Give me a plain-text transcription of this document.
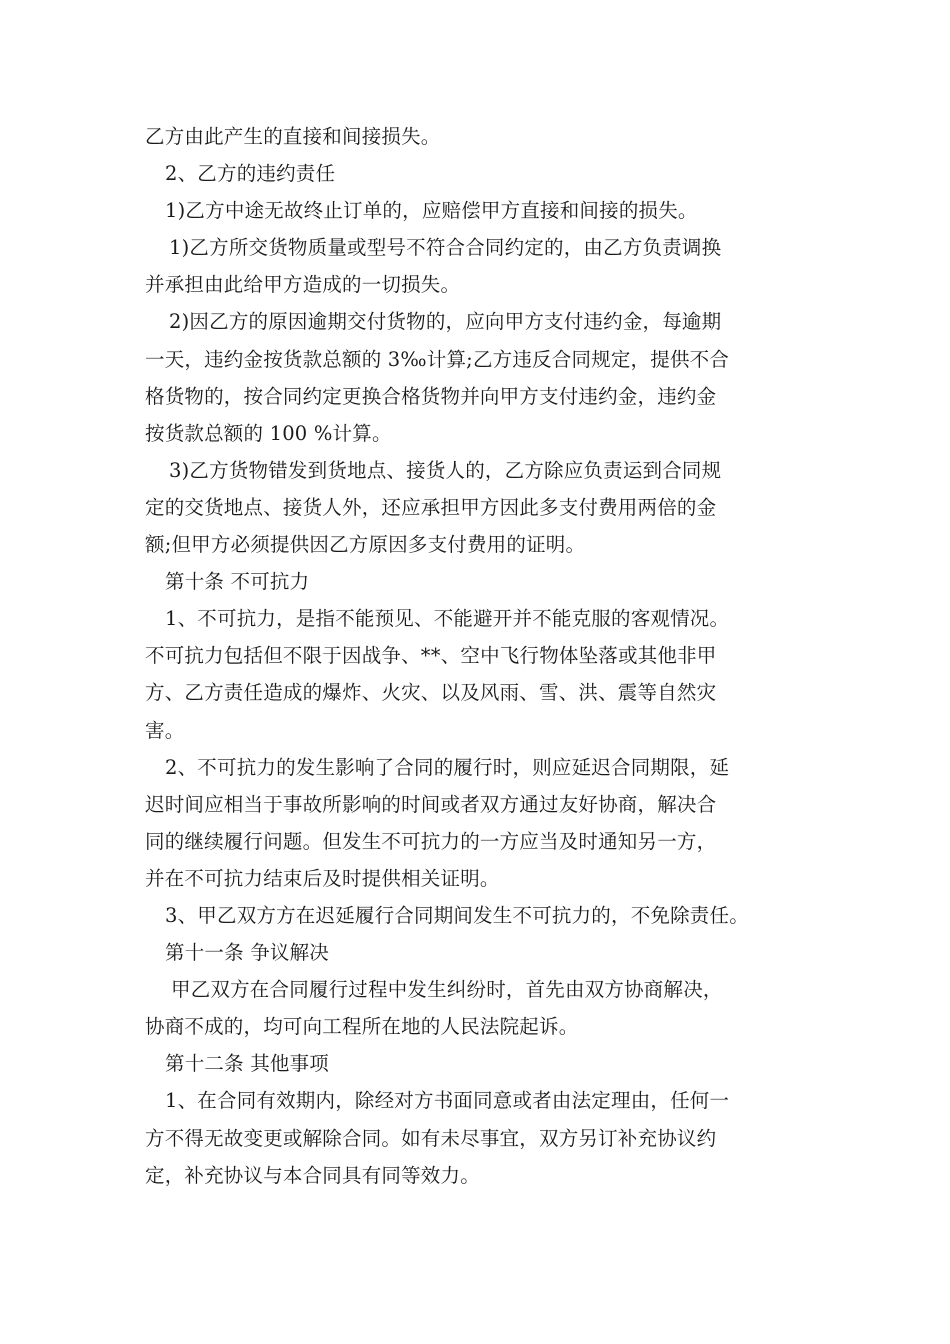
乙方由此产生的直接和间接损失。
2、乙方的违约责任
1)乙方中途无故终止订单的，应赔偿甲方直接和间接的损失。
1)乙方所交货物质量或型号不符合合同约定的，由乙方负责调换
并承担由此给甲方造成的一切损失。
2)因乙方的原因逾期交付货物的，应向甲方支付违约金，每逾期
一天，违约金按货款总额的 3‰计算;乙方违反合同规定，提供不合
格货物的，按合同约定更换合格货物并向甲方支付违约金，违约金
按货款总额的 100 %计算。
3)乙方货物错发到货地点、接货人的，乙方除应负责运到合同规
定的交货地点、接货人外，还应承担甲方因此多支付费用两倍的金
额;但甲方必须提供因乙方原因多支付费用的证明。
第十条 不可抗力
1、不可抗力，是指不能预见、不能避开并不能克服的客观情况。
不可抗力包括但不限于因战争、**、空中飞行物体坠落或其他非甲
方、乙方责任造成的爆炸、火灾、以及风雨、雪、洪、震等自然灾
害。
2、不可抗力的发生影响了合同的履行时，则应延迟合同期限，延
迟时间应相当于事故所影响的时间或者双方通过友好协商，解决合
同的继续履行问题。但发生不可抗力的一方应当及时通知另一方，
并在不可抗力结束后及时提供相关证明。
3、甲乙双方方在迟延履行合同期间发生不可抗力的，不免除责任。
第十一条 争议解决
甲乙双方在合同履行过程中发生纠纷时，首先由双方协商解决，
协商不成的，均可向工程所在地的人民法院起诉。
第十二条 其他事项
1、在合同有效期内，除经对方书面同意或者由法定理由，任何一
方不得无故变更或解除合同。如有未尽事宜，双方另订补充协议约
定，补充协议与本合同具有同等效力。
